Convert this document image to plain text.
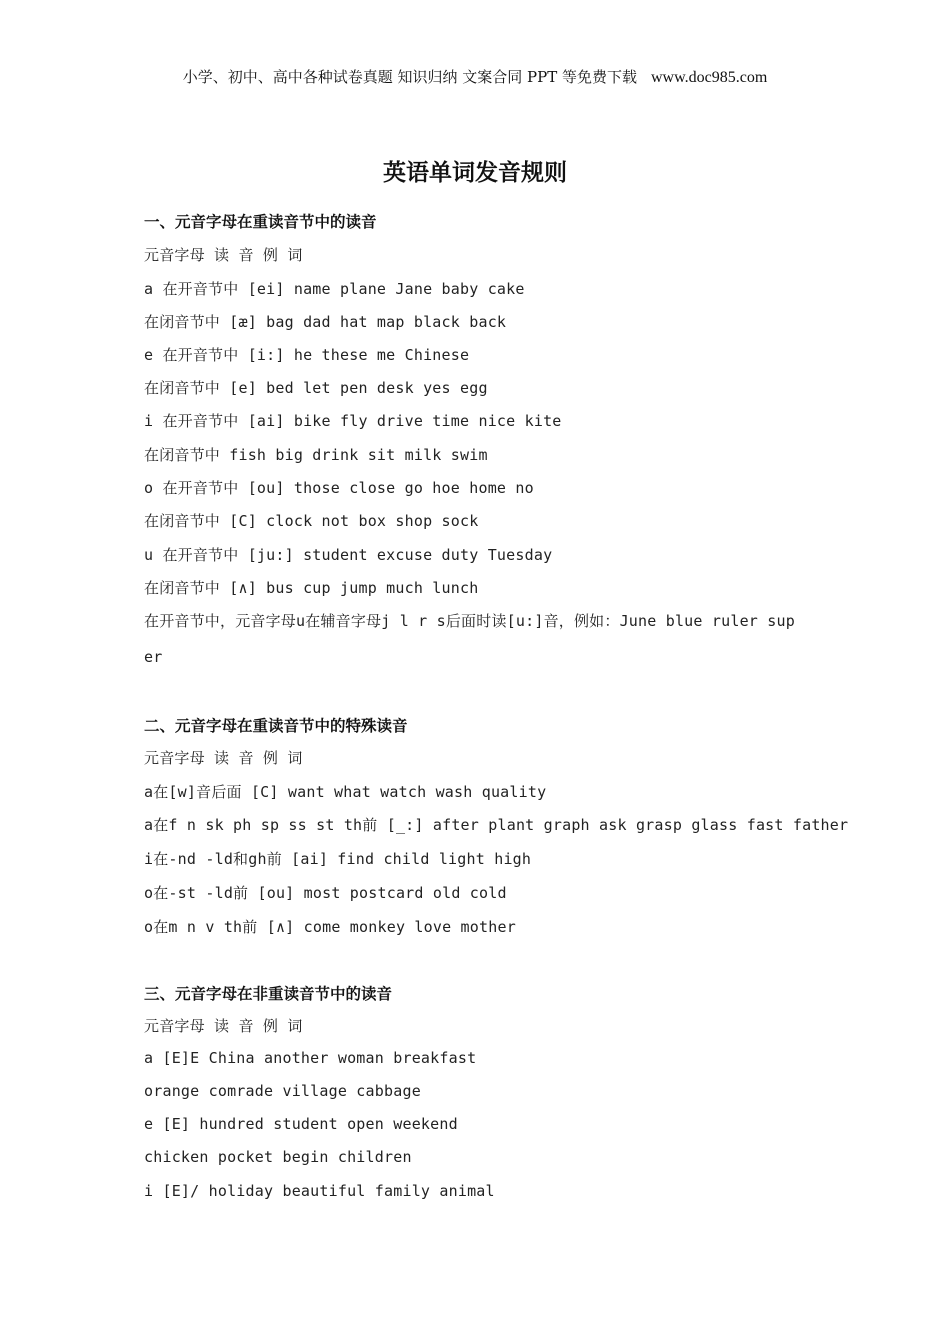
小学、初中、高中各种试卷真题 知识归纳 文案合同 PPT 等免费下载 www.doc985.com
英语单词发音规则
一、元音字母在重读音节中的读音
元音字母 读 音 例 词
a 在开音节中 [ei] name plane Jane baby cake
在闭音节中 [æ] bag dad hat map black back
e 在开音节中 [i:] he these me Chinese
在闭音节中 [e] bed let pen desk yes egg
i 在开音节中 [ai] bike fly drive time nice kite
在闭音节中 fish big drink sit milk swim
o 在开音节中 [ou] those close go hoe home no
在闭音节中 [C] clock not box shop sock
u 在开音节中 [ju:] student excuse duty Tuesday
在闭音节中 [∧] bus cup jump much lunch
在开音节中，元音字母u在辅音字母j l r s后面时读[u:]音，例如：June blue ruler sup
er
二、元音字母在重读音节中的特殊读音
元音字母 读 音 例 词
a在[w]音后面 [C] want what watch wash quality
a在f n sk ph sp ss st th前 [_:] after plant graph ask grasp glass fast father
i在-nd -ld和gh前 [ai] find child light high
o在-st -ld前 [ou] most postcard old cold
o在m n v th前 [∧] come monkey love mother
三、元音字母在非重读音节中的读音
元音字母 读 音 例 词
a [E]E China another woman breakfast
orange comrade village cabbage
e [E] hundred student open weekend
chicken pocket begin children
i [E]/ holiday beautiful family animal
